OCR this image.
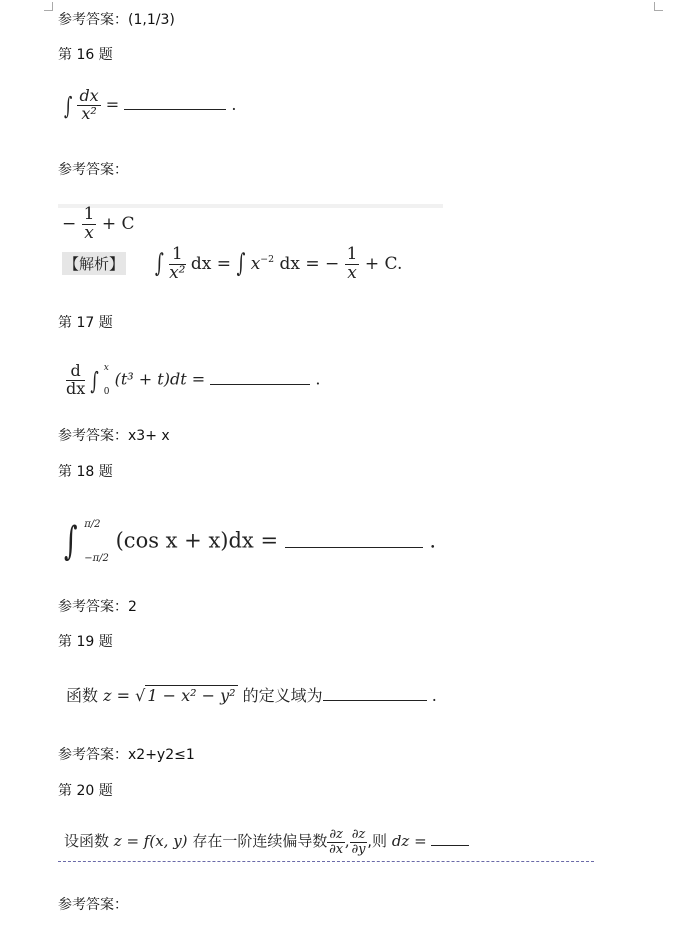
参考答案：(1,1/3)
第 16 题
∫ $\frac{dx}{\text{x²}}$ =	.
参考答案：
− $\frac{1}{x} + C$
【解析】 ∫ $\frac{1}{\text{x²}}$ dx = ∫ $x^{-2}$ dx = − $\frac{1}{x} + C$.
第 17 题
$\frac{d}{dx}$ ∫ x
0
(t³ + t)dt =	.
参考答案：x3+ x
第 18 题
∫ π/2
−π/2
(cos x + x)dx =	.
参考答案：2
第 19 题
函数 z = √ 1 − x² − y² 的定义域为	.
参考答案：x2+y2≤1
第 20 题
设函数 z = f(x, y) 存在一阶连续偏导数 $\frac{\partial z}{\partial x}$ , $\frac{\partial z}{\partial y}$ ,则 dz =
参考答案：
